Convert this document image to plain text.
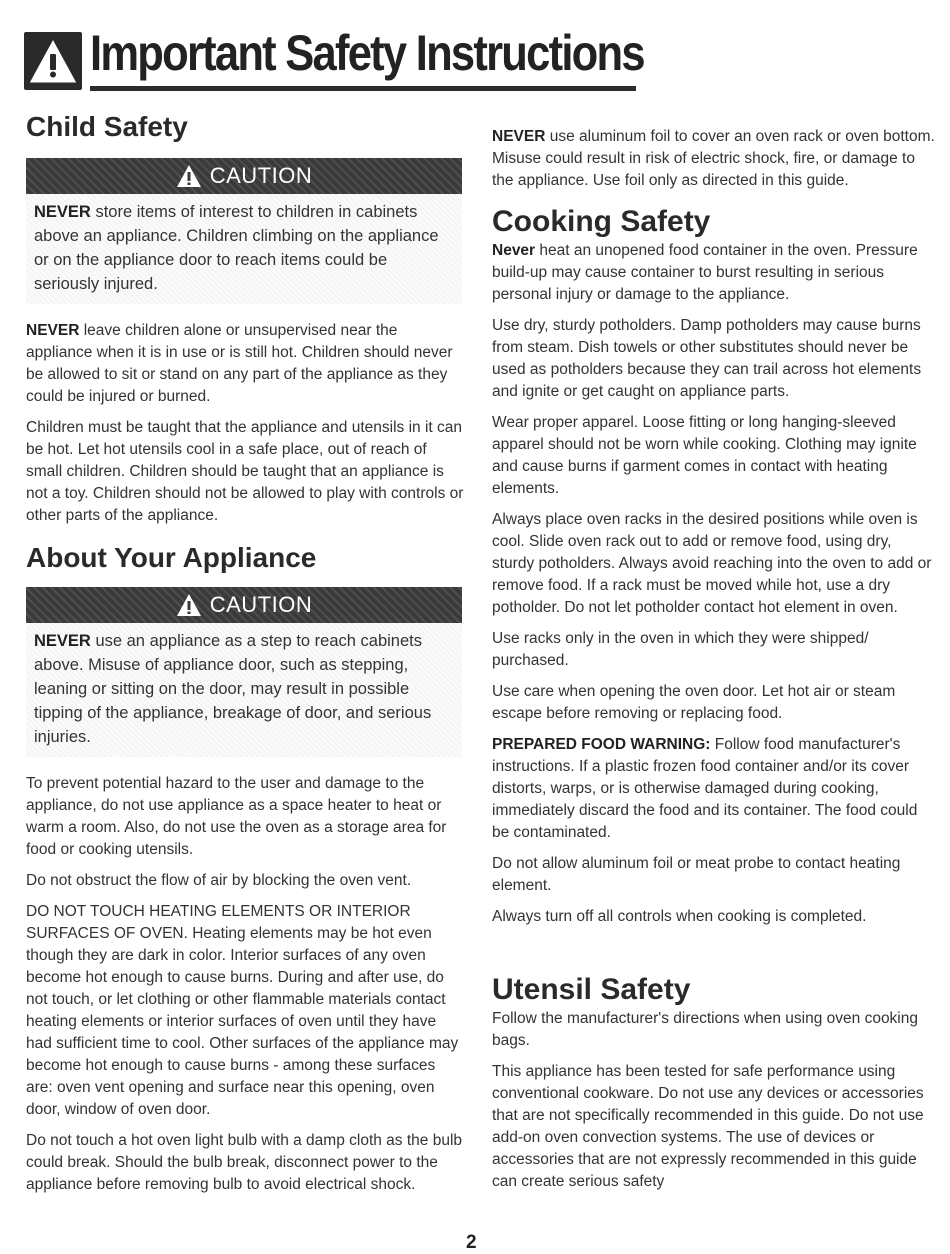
Important Safety Instructions
Child Safety
CAUTION
NEVER store items of interest to children in cabinets above an appliance. Children climbing on the appliance or on the appliance door to reach items could be seriously injured.

NEVER leave children alone or unsupervised near the appliance when it is in use or is still hot. Children should never be allowed to sit or stand on any part of the appliance as they could be injured or burned.

Children must be taught that the appliance and utensils in it can be hot. Let hot utensils cool in a safe place, out of reach of small children. Children should be taught that an appliance is not a toy. Children should not be allowed to play with controls or other parts of the appliance.

About Your Appliance
CAUTION
NEVER use an appliance as a step to reach cabinets above. Misuse of appliance door, such as stepping, leaning or sitting on the door, may result in possible tipping of the appliance, breakage of door, and serious injuries.

To prevent potential hazard to the user and damage to the appliance, do not use appliance as a space heater to heat or warm a room. Also, do not use the oven as a storage area for food or cooking utensils.

Do not obstruct the flow of air by blocking the oven vent.

DO NOT TOUCH HEATING ELEMENTS OR INTERIOR SURFACES OF OVEN. Heating elements may be hot even though they are dark in color. Interior surfaces of any oven become hot enough to cause burns. During and after use, do not touch, or let clothing or other flammable materials contact heating elements or interior surfaces of oven until they have had sufficient time to cool. Other surfaces of the appliance may become hot enough to cause burns - among these surfaces are: oven vent opening and surface near this opening, oven door, window of oven door.

Do not touch a hot oven light bulb with a damp cloth as the bulb could break. Should the bulb break, disconnect power to the appliance before removing bulb to avoid electrical shock.

NEVER use aluminum foil to cover an oven rack or oven bottom. Misuse could result in risk of electric shock, fire, or damage to the appliance. Use foil only as directed in this guide.

Cooking Safety

Never heat an unopened food container in the oven. Pressure build-up may cause container to burst resulting in serious personal injury or damage to the appliance.

Use dry, sturdy potholders. Damp potholders may cause burns from steam. Dish towels or other substitutes should never be used as potholders because they can trail across hot elements and ignite or get caught on appliance parts.

Wear proper apparel. Loose fitting or long hanging-sleeved apparel should not be worn while cooking. Clothing may ignite and cause burns if garment comes in contact with heating elements.

Always place oven racks in the desired positions while oven is cool. Slide oven rack out to add or remove food, using dry, sturdy potholders. Always avoid reaching into the oven to add or remove food. If a rack must be moved while hot, use a dry potholder. Do not let potholder contact hot element in oven.

Use racks only in the oven in which they were shipped/ purchased.

Use care when opening the oven door. Let hot air or steam escape before removing or replacing food.

PREPARED FOOD WARNING: Follow food manufacturer's instructions. If a plastic frozen food container and/or its cover distorts, warps, or is otherwise damaged during cooking, immediately discard the food and its container. The food could be contaminated.

Do not allow aluminum foil or meat probe to contact heating element.

Always turn off all controls when cooking is completed.

Utensil Safety

Follow the manufacturer's directions when using oven cooking bags.

This appliance has been tested for safe performance using conventional cookware. Do not use any devices or accessories that are not specifically recommended in this guide. Do not use add-on oven convection systems. The use of devices or accessories that are not expressly recommended in this guide can create serious safety

2
